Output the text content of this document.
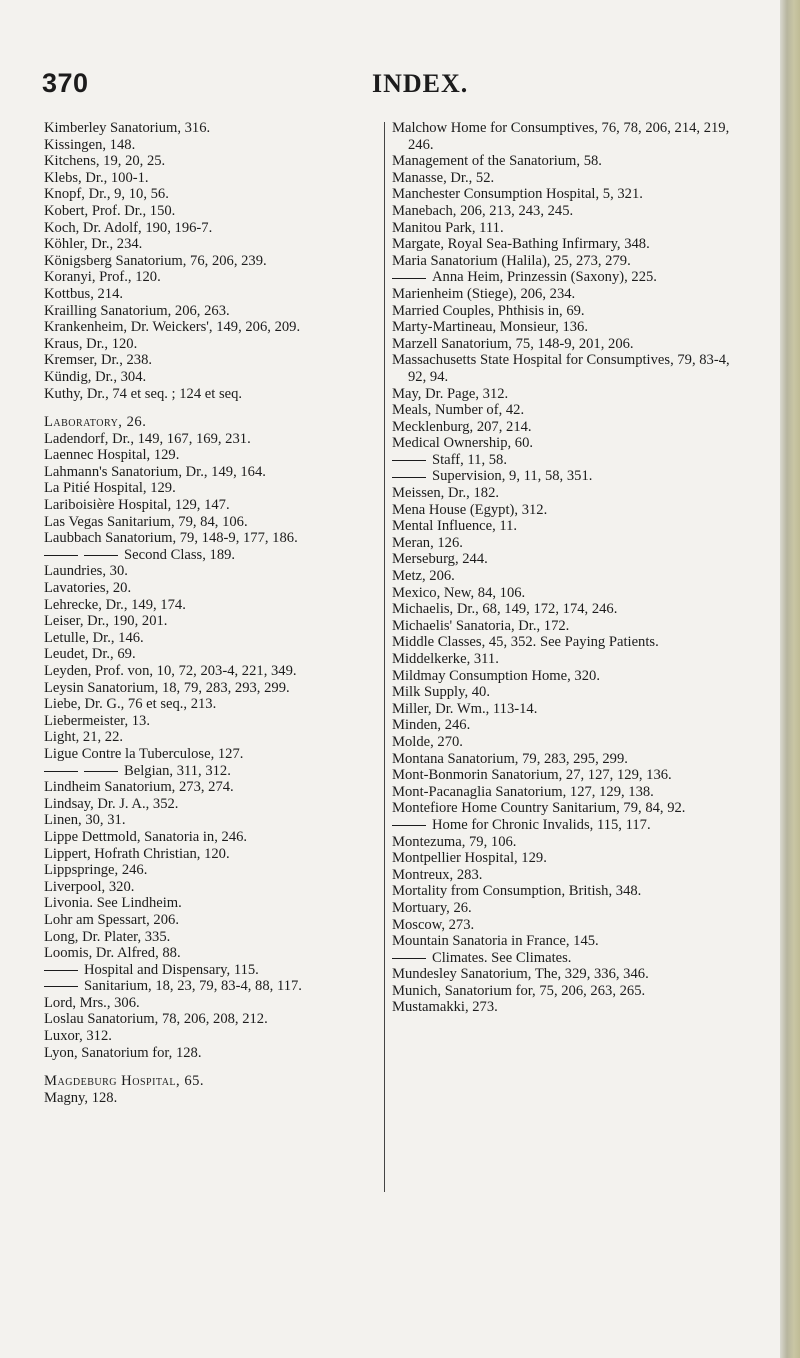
370	INDEX.

Kimberley Sanatorium, 316.

Kissingen, 148.

Kitchens, 19, 20, 25.

Klebs, Dr., 100-1.

Knopf, Dr., 9, 10, 56.

Kobert, Prof. Dr., 150.

Koch, Dr. Adolf, 190, 196-7.

Köhler, Dr., 234.

Königsberg Sanatorium, 76, 206, 239.

Koranyi, Prof., 120.

Kottbus, 214.

Krailling Sanatorium, 206, 263.

Krankenheim, Dr. Weickers', 149, 206, 209.

Kraus, Dr., 120.

Kremser, Dr., 238.

Kündig, Dr., 304.

Kuthy, Dr., 74 et seq. ; 124 et seq.

Laboratory, 26.

Ladendorf, Dr., 149, 167, 169, 231.

Laennec Hospital, 129.

Lahmann's Sanatorium, Dr., 149, 164.

La Pitié Hospital, 129.

Lariboisière Hospital, 129, 147.

Las Vegas Sanitarium, 79, 84, 106.

Laubbach Sanatorium, 79, 148-9, 177, 186.

Second Class, 189.

Laundries, 30.

Lavatories, 20.

Lehrecke, Dr., 149, 174.

Leiser, Dr., 190, 201.

Letulle, Dr., 146.

Leudet, Dr., 69.

Leyden, Prof. von, 10, 72, 203-4, 221, 349.

Leysin Sanatorium, 18, 79, 283, 293, 299.

Liebe, Dr. G., 76 et seq., 213.

Liebermeister, 13.

Light, 21, 22.

Ligue Contre la Tuberculose, 127.

Belgian, 311, 312.

Lindheim Sanatorium, 273, 274.

Lindsay, Dr. J. A., 352.

Linen, 30, 31.

Lippe Dettmold, Sanatoria in, 246.

Lippert, Hofrath Christian, 120.

Lippspringe, 246.

Liverpool, 320.

Livonia. See Lindheim.

Lohr am Spessart, 206.

Long, Dr. Plater, 335.

Loomis, Dr. Alfred, 88.

Hospital and Dispensary, 115.

Sanitarium, 18, 23, 79, 83-4, 88, 117.

Lord, Mrs., 306.

Loslau Sanatorium, 78, 206, 208, 212.

Luxor, 312.

Lyon, Sanatorium for, 128.

Magdeburg Hospital, 65.

Magny, 128.

Malchow Home for Consumptives, 76, 78, 206, 214, 219, 246.

Management of the Sanatorium, 58.

Manasse, Dr., 52.

Manchester Consumption Hospital, 5, 321.

Manebach, 206, 213, 243, 245.

Manitou Park, 111.

Margate, Royal Sea-Bathing Infirmary, 348.

Maria Sanatorium (Halila), 25, 273, 279.

Anna Heim, Prinzessin (Saxony), 225.

Marienheim (Stiege), 206, 234.

Married Couples, Phthisis in, 69.

Marty-Martineau, Monsieur, 136.

Marzell Sanatorium, 75, 148-9, 201, 206.

Massachusetts State Hospital for Consumptives, 79, 83-4, 92, 94.

May, Dr. Page, 312.

Meals, Number of, 42.

Mecklenburg, 207, 214.

Medical Ownership, 60.

Staff, 11, 58.

Supervision, 9, 11, 58, 351.

Meissen, Dr., 182.

Mena House (Egypt), 312.

Mental Influence, 11.

Meran, 126.

Merseburg, 244.

Metz, 206.

Mexico, New, 84, 106.

Michaelis, Dr., 68, 149, 172, 174, 246.

Michaelis' Sanatoria, Dr., 172.

Middle Classes, 45, 352. See Paying Patients.

Middelkerke, 311.

Mildmay Consumption Home, 320.

Milk Supply, 40.

Miller, Dr. Wm., 113-14.

Minden, 246.

Molde, 270.

Montana Sanatorium, 79, 283, 295, 299.

Mont-Bonmorin Sanatorium, 27, 127, 129, 136.

Mont-Pacanaglia Sanatorium, 127, 129, 138.

Montefiore Home Country Sanitarium, 79, 84, 92.

Home for Chronic Invalids, 115, 117.

Montezuma, 79, 106.

Montpellier Hospital, 129.

Montreux, 283.

Mortality from Consumption, British, 348.

Mortuary, 26.

Moscow, 273.

Mountain Sanatoria in France, 145.

Climates. See Climates.

Mundesley Sanatorium, The, 329, 336, 346.

Munich, Sanatorium for, 75, 206, 263, 265.

Mustamakki, 273.
